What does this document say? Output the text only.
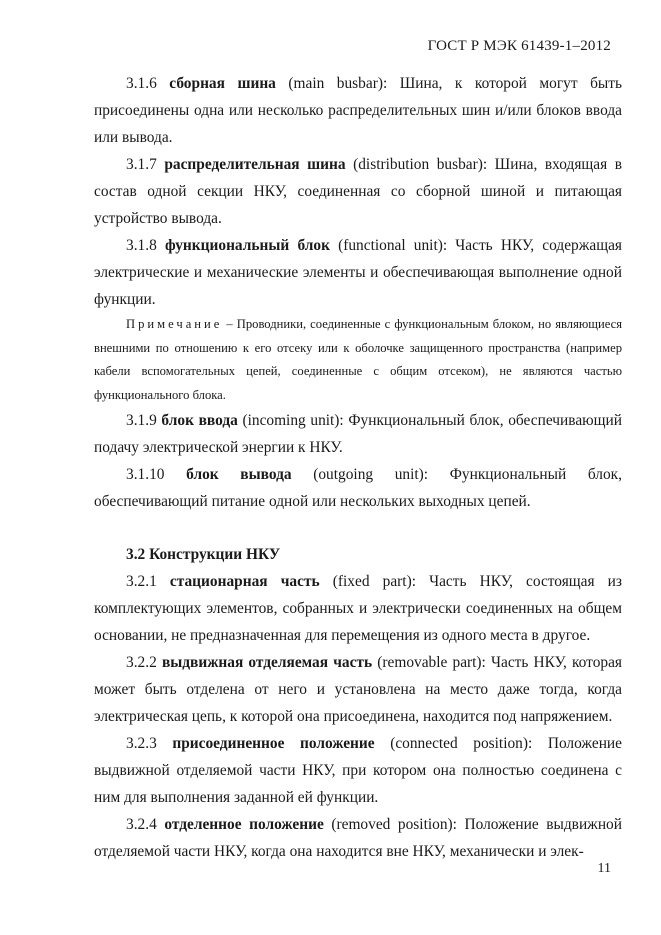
ГОСТ Р МЭК 61439-1–2012

3.1.6 сборная шина (main busbar): Шина, к которой могут быть присоединены одна или несколько распределительных шин и/или блоков ввода или вывода.

3.1.7 распределительная шина (distribution busbar): Шина, входящая в состав одной секции НКУ, соединенная со сборной шиной и питающая устройство вывода.

3.1.8 функциональный блок (functional unit): Часть НКУ, содержащая электрические и механические элементы и обеспечивающая выполнение одной функции.

Примечание – Проводники, соединенные с функциональным блоком, но являющиеся внешними по отношению к его отсеку или к оболочке защищенного пространства (например кабели вспомогательных цепей, соединенные с общим отсеком), не являются частью функционального блока.

3.1.9 блок ввода (incoming unit): Функциональный блок, обеспечивающий подачу электрической энергии к НКУ.

3.1.10 блок вывода (outgoing unit): Функциональный блок, обеспечивающий питание одной или нескольких выходных цепей.

3.2 Конструкции НКУ

3.2.1 стационарная часть (fixed part): Часть НКУ, состоящая из комплектующих элементов, собранных и электрически соединенных на общем основании, не предназначенная для перемещения из одного места в другое.

3.2.2 выдвижная отделяемая часть (removable part): Часть НКУ, которая может быть отделена от него и установлена на место даже тогда, когда электрическая цепь, к которой она присоединена, находится под напряжением.

3.2.3 присоединенное положение (connected position): Положение выдвижной отделяемой части НКУ, при котором она полностью соединена с ним для выполнения заданной ей функции.

3.2.4 отделенное положение (removed position): Положение выдвижной отделяемой части НКУ, когда она находится вне НКУ, механически и элек-

11
